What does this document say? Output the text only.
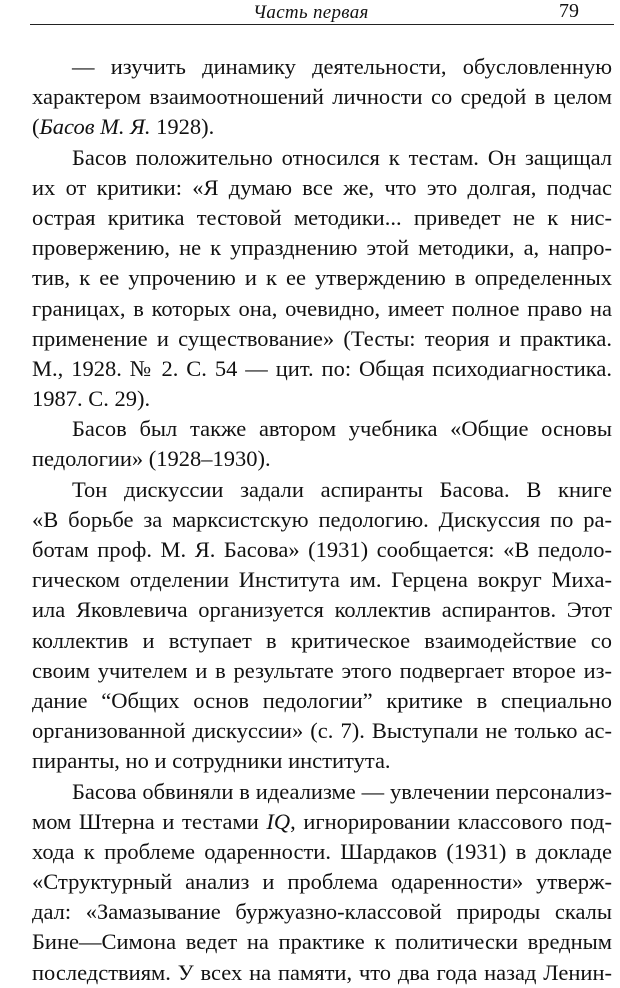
Часть первая	79
— изучить динамику деятельности, обусловленную
характером взаимоотношений личности со средой в целом
(Басов М. Я. 1928).
Басов положительно относился к тестам. Он защищал
их от критики: «Я думаю все же, что это долгая, подчас
острая критика тестовой методики... приведет не к нис-
провержению, не к упразднению этой методики, а, напро-
тив, к ее упрочению и к ее утверждению в определенных
границах, в которых она, очевидно, имеет полное право на
применение и существование» (Тесты: теория и практика.
М., 1928. № 2. С. 54 — цит. по: Общая психодиагностика.
1987. С. 29).
Басов был также автором учебника «Общие основы
педологии» (1928–1930).
Тон дискуссии задали аспиранты Басова. В книге
«В борьбе за марксистскую педологию. Дискуссия по ра-
ботам проф. М. Я. Басова» (1931) сообщается: «В педоло-
гическом отделении Института им. Герцена вокруг Миха-
ила Яковлевича организуется коллектив аспирантов. Этот
коллектив и вступает в критическое взаимодействие со
своим учителем и в результате этого подвергает второе из-
дание “Общих основ педологии” критике в специально
организованной дискуссии» (с. 7). Выступали не только ас-
пиранты, но и сотрудники института.
Басова обвиняли в идеализме — увлечении персонализ-
мом Штерна и тестами IQ, игнорировании классового под-
хода к проблеме одаренности. Шардаков (1931) в докладе
«Структурный анализ и проблема одаренности» утверж-
дал: «Замазывание буржуазно-классовой природы скалы
Бине—Симона ведет на практике к политически вредным
последствиям. У всех на памяти, что два года назад Ленин-
